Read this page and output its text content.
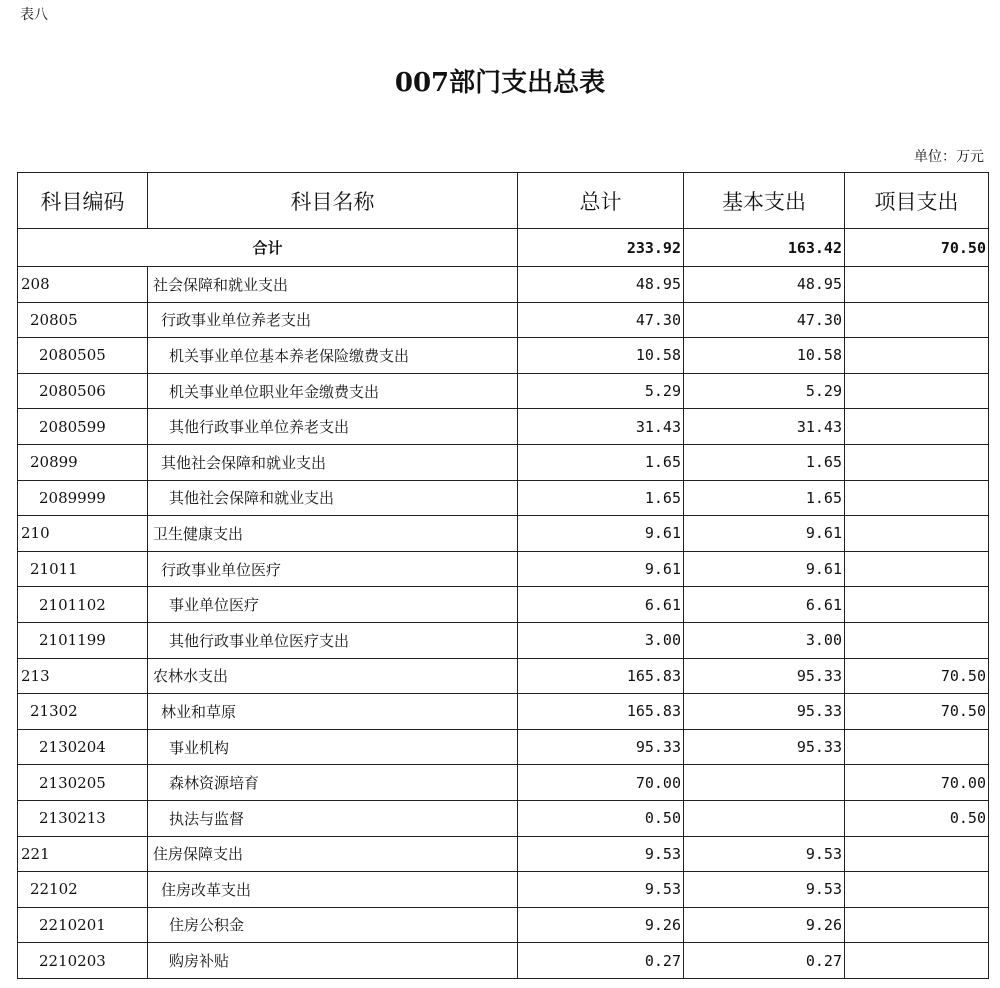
表八
007部门支出总表
单位：万元
科目编码	科目名称	总计	基本支出	项目支出
合计		233.92	163.42	70.50
208	社会保障和就业支出	48.95	48.95	
20805	行政事业单位养老支出	47.30	47.30	
2080505	机关事业单位基本养老保险缴费支出	10.58	10.58	
2080506	机关事业单位职业年金缴费支出	5.29	5.29	
2080599	其他行政事业单位养老支出	31.43	31.43	
20899	其他社会保障和就业支出	1.65	1.65	
2089999	其他社会保障和就业支出	1.65	1.65	
210	卫生健康支出	9.61	9.61	
21011	行政事业单位医疗	9.61	9.61	
2101102	事业单位医疗	6.61	6.61	
2101199	其他行政事业单位医疗支出	3.00	3.00	
213	农林水支出	165.83	95.33	70.50
21302	林业和草原	165.83	95.33	70.50
2130204	事业机构	95.33	95.33	
2130205	森林资源培育	70.00		70.00
2130213	执法与监督	0.50		0.50
221	住房保障支出	9.53	9.53	
22102	住房改革支出	9.53	9.53	
2210201	住房公积金	9.26	9.26	
2210203	购房补贴	0.27	0.27	
